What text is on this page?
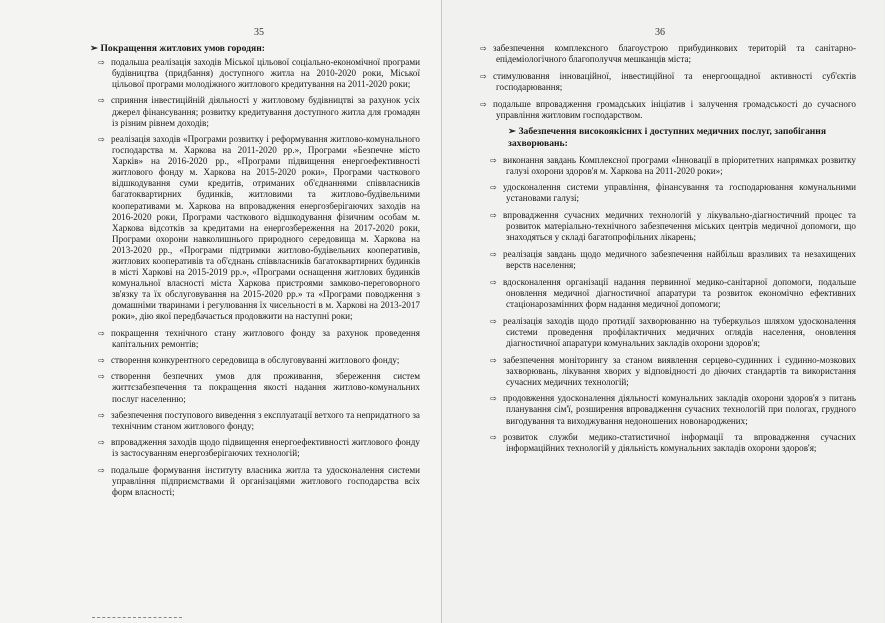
35

➢ Покращення житлових умов городян:

⇨ подальша реалізація заходів Міської цільової соціально-економічної програми будівництва (придбання) доступного житла на 2010-2020 роки, Міської цільової програми молодіжного житлового кредитування на 2011-2020 роки;

⇨ сприяння інвестиційній діяльності у житловому будівництві за рахунок усіх джерел фінансування; розвитку кредитування доступного житла для громадян із різним рівнем доходів;

⇨ реалізація заходів «Програми розвитку і реформування житлово-комунального господарства м. Харкова на 2011-2020 рр.», Програми «Безпечне місто Харків» на 2016-2020 рр., «Програми підвищення енергоефективності житлового фонду м. Харкова на 2015-2020 роки», Програми часткового відшкодування суми кредитів, отриманих об'єднаннями співвласників багатоквартирних будинків, житловими та житлово-будівельними кооперативами м. Харкова на впровадження енергозберігаючих заходів на 2016-2020 роки, Програми часткового відшкодування фізичним особам м. Харкова відсотків за кредитами на енергозбереження на 2017-2020 роки, Програми охорони навколишнього природного середовища м. Харкова на 2013-2020 рр., «Програми підтримки житлово-будівельних кооперативів, житлових кооперативів та об'єднань співвласників багатоквартирних будинків в місті Харкові на 2015-2019 рр.», «Програми оснащення житлових будинків комунальної власності міста Харкова пристроями замково-переговорного зв'язку та їх обслуговування на 2015-2020 рр.» та «Програми поводження з домашніми тваринами і регулювання їх чисельності в м. Харкові на 2013-2017 роки», дію якої передбачається продовжити на наступні роки;

⇨ покращення технічного стану житлового фонду за рахунок проведення капітальних ремонтів;

⇨ створення конкурентного середовища в обслуговуванні житлового фонду;

⇨ створення безпечних умов для проживання, збереження систем життєзабезпечення та покращення якості надання житлово-комунальних послуг населенню;

⇨ забезпечення поступового виведення з експлуатації ветхого та непридатного за технічним станом житлового фонду;

⇨ впровадження заходів щодо підвищення енергоефективності житлового фонду із застосуванням енергозберігаючих технологій;

⇨ подальше формування інституту власника житла та удосконалення системи управління підприємствами й організаціями житлового господарства всіх форм власності;

36

⇨ забезпечення комплексного благоустрою прибудинкових територій та санітарно-епідеміологічного благополуччя мешканців міста;

⇨ стимулювання інноваційної, інвестиційної та енергоощадної активності суб'єктів господарювання;

⇨ подальше впровадження громадських ініціатив і залучення громадськості до сучасного управління житловим господарством.

➢ Забезпечення високоякісних і доступних медичних послуг, запобігання захворювань:

⇨ виконання завдань Комплексної програми «Інновації в пріоритетних напрямках розвитку галузі охорони здоров'я м. Харкова на 2011-2020 роки»;

⇨ удосконалення системи управління, фінансування та господарювання комунальними установами галузі;

⇨ впровадження сучасних медичних технологій у лікувально-діагностичний процес та розвиток матеріально-технічного забезпечення міських центрів медичної допомоги, що знаходяться у складі багатопрофільних лікарень;

⇨ реалізація завдань щодо медичного забезпечення найбільш вразливих та незахищених верств населення;

⇨ вдосконалення організації надання первинної медико-санітарної допомоги, подальше оновлення медичної діагностичної апаратури та розвиток економічно ефективних стаціонарозамінних форм надання медичної допомоги;

⇨ реалізація заходів щодо протидії захворюванню на туберкульоз шляхом удосконалення системи проведення профілактичних медичних оглядів населення, оновлення діагностичної апаратури комунальних закладів охорони здоров'я;

⇨ забезпечення моніторингу за станом виявлення серцево-судинних і судинно-мозкових захворювань, лікування хворих у відповідності до діючих стандартів та використання сучасних медичних технологій;

⇨ продовження удосконалення діяльності комунальних закладів охорони здоров'я з питань планування сім'ї, розширення впровадження сучасних технологій при пологах, грудного вигодування та виходжування недоношених новонароджених;

⇨ розвиток служби медико-статистичної інформації та впровадження сучасних інформаційних технологій у діяльність комунальних закладів охорони здоров'я;
